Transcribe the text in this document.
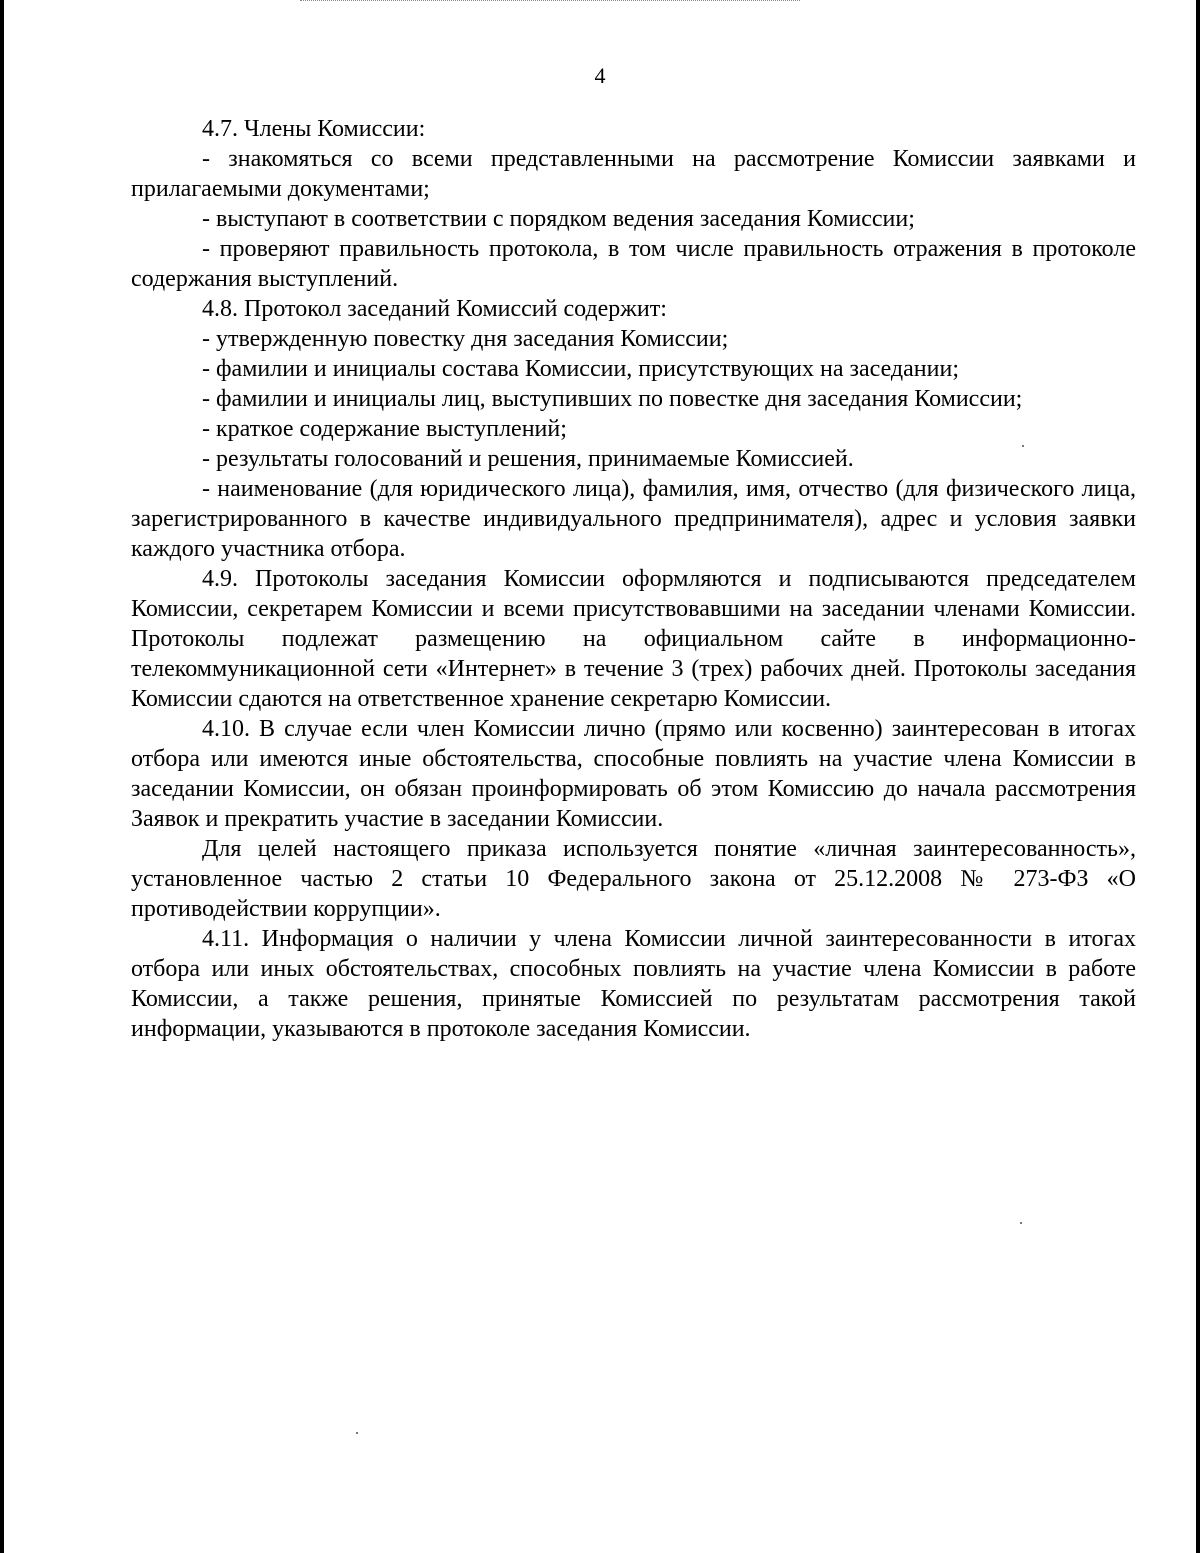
4

4.7. Члены Комиссии:

- знакомяться со всеми представленными на рассмотрение Комиссии заявками и прилагаемыми документами;

- выступают в соответствии с порядком ведения заседания Комиссии;

- проверяют правильность протокола, в том числе правильность отражения в протоколе содержания выступлений.

4.8. Протокол заседаний Комиссий содержит:

- утвержденную повестку дня заседания Комиссии;

- фамилии и инициалы состава Комиссии, присутствующих на заседании;

- фамилии и инициалы лиц, выступивших по повестке дня заседания Комиссии;

- краткое содержание выступлений;

- результаты голосований и решения, принимаемые Комиссией.

- наименование (для юридического лица), фамилия, имя, отчество (для физического лица, зарегистрированного в качестве индивидуального предпринимателя), адрес и условия заявки каждого участника отбора.

4.9. Протоколы заседания Комиссии оформляются и подписываются председателем Комиссии, секретарем Комиссии и всеми присутствовавшими на заседании членами Комиссии. Протоколы подлежат размещению на официальном сайте в информационно-телекоммуникационной сети «Интернет» в течение 3 (трех) рабочих дней. Протоколы заседания Комиссии сдаются на ответственное хранение секретарю Комиссии.

4.10. В случае если член Комиссии лично (прямо или косвенно) заинтересован в итогах отбора или имеются иные обстоятельства, способные повлиять на участие члена Комиссии в заседании Комиссии, он обязан проинформировать об этом Комиссию до начала рассмотрения Заявок и прекратить участие в заседании Комиссии.

Для целей настоящего приказа используется понятие «личная заинтересованность», установленное частью 2 статьи 10 Федерального закона от 25.12.2008 № 273-ФЗ «О противодействии коррупции».

4.11. Информация о наличии у члена Комиссии личной заинтересованности в итогах отбора или иных обстоятельствах, способных повлиять на участие члена Комиссии в работе Комиссии, а также решения, принятые Комиссией по результатам рассмотрения такой информации, указываются в протоколе заседания Комиссии.
